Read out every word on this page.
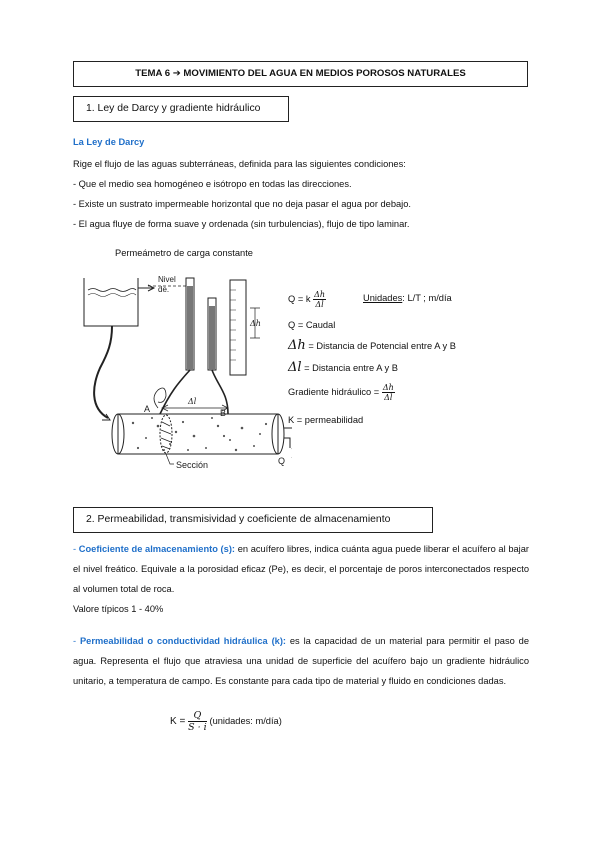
TEMA 6 ➔ MOVIMIENTO DEL AGUA EN MEDIOS POROSOS NATURALES
1. Ley de Darcy y gradiente hidráulico
La Ley de Darcy
Rige el flujo de las aguas subterráneas, definida para las siguientes condiciones:
- Que el medio sea homogéneo e isótropo en todas las direcciones.
- Existe un sustrato impermeable horizontal que no deja pasar el agua por debajo.
- El agua fluye de forma suave y ordenada (sin turbulencias), flujo de tipo laminar.
Permeámetro de carga constante
Nivel
de.
Δh
Δl
A	B
Q
Sección
Q = k $\frac{\Delta h}{\Delta l}$	Unidades: L/T ; m/día
Q = Caudal
Δh = Distancia de Potencial entre A y B
Δl = Distancia entre A y B
Gradiente hidráulico = $\frac{\Delta h}{\Delta l}$
K = permeabilidad
2. Permeabilidad, transmisividad y coeficiente de almacenamiento
- Coeficiente de almacenamiento (s): en acuífero libres, indica cuánta agua puede liberar el acuífero al bajar el nivel freático. Equivale a la porosidad eficaz (Pe), es decir, el porcentaje de poros interconectados respecto al volumen total de roca.
Valore típicos 1 - 40%
- Permeabilidad o conductividad hidráulica (k): es la capacidad de un material para permitir el paso de agua. Representa el flujo que atraviesa una unidad de superficie del acuífero bajo un gradiente hidráulico unitario, a temperatura de campo. Es constante para cada tipo de material y fluido en condiciones dadas.
$K = \frac{Q}{S \cdot i}$ (unidades: m/día)
